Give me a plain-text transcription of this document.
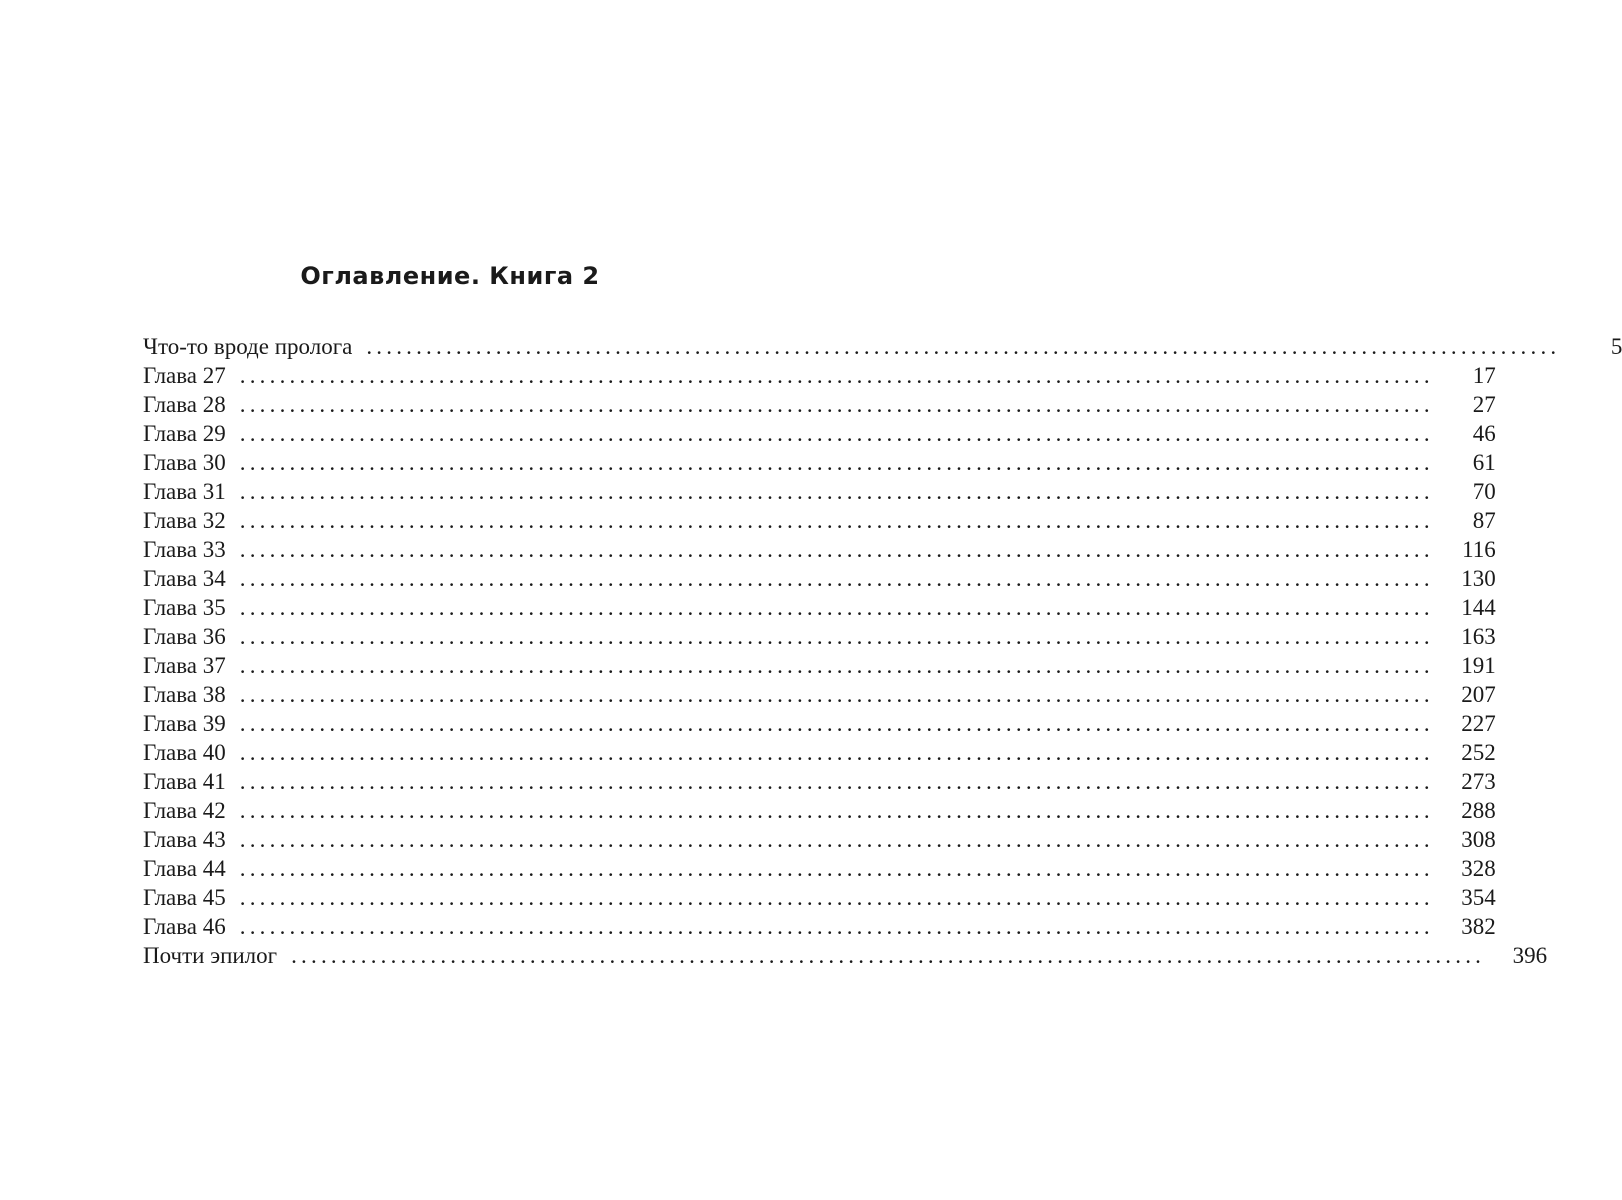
Оглавление. Книга 2
Что-то вроде пролога ........................................................................................................................	5
Глава 27 ........................................................................................................................	17
Глава 28 ........................................................................................................................	27
Глава 29 ........................................................................................................................	46
Глава 30 ........................................................................................................................	61
Глава 31 ........................................................................................................................	70
Глава 32 ........................................................................................................................	87
Глава 33 ........................................................................................................................	116
Глава 34 ........................................................................................................................	130
Глава 35 ........................................................................................................................	144
Глава 36 ........................................................................................................................	163
Глава 37 ........................................................................................................................	191
Глава 38 ........................................................................................................................	207
Глава 39 ........................................................................................................................	227
Глава 40 ........................................................................................................................	252
Глава 41 ........................................................................................................................	273
Глава 42 ........................................................................................................................	288
Глава 43 ........................................................................................................................	308
Глава 44 ........................................................................................................................	328
Глава 45 ........................................................................................................................	354
Глава 46 ........................................................................................................................	382
Почти эпилог ........................................................................................................................	396
